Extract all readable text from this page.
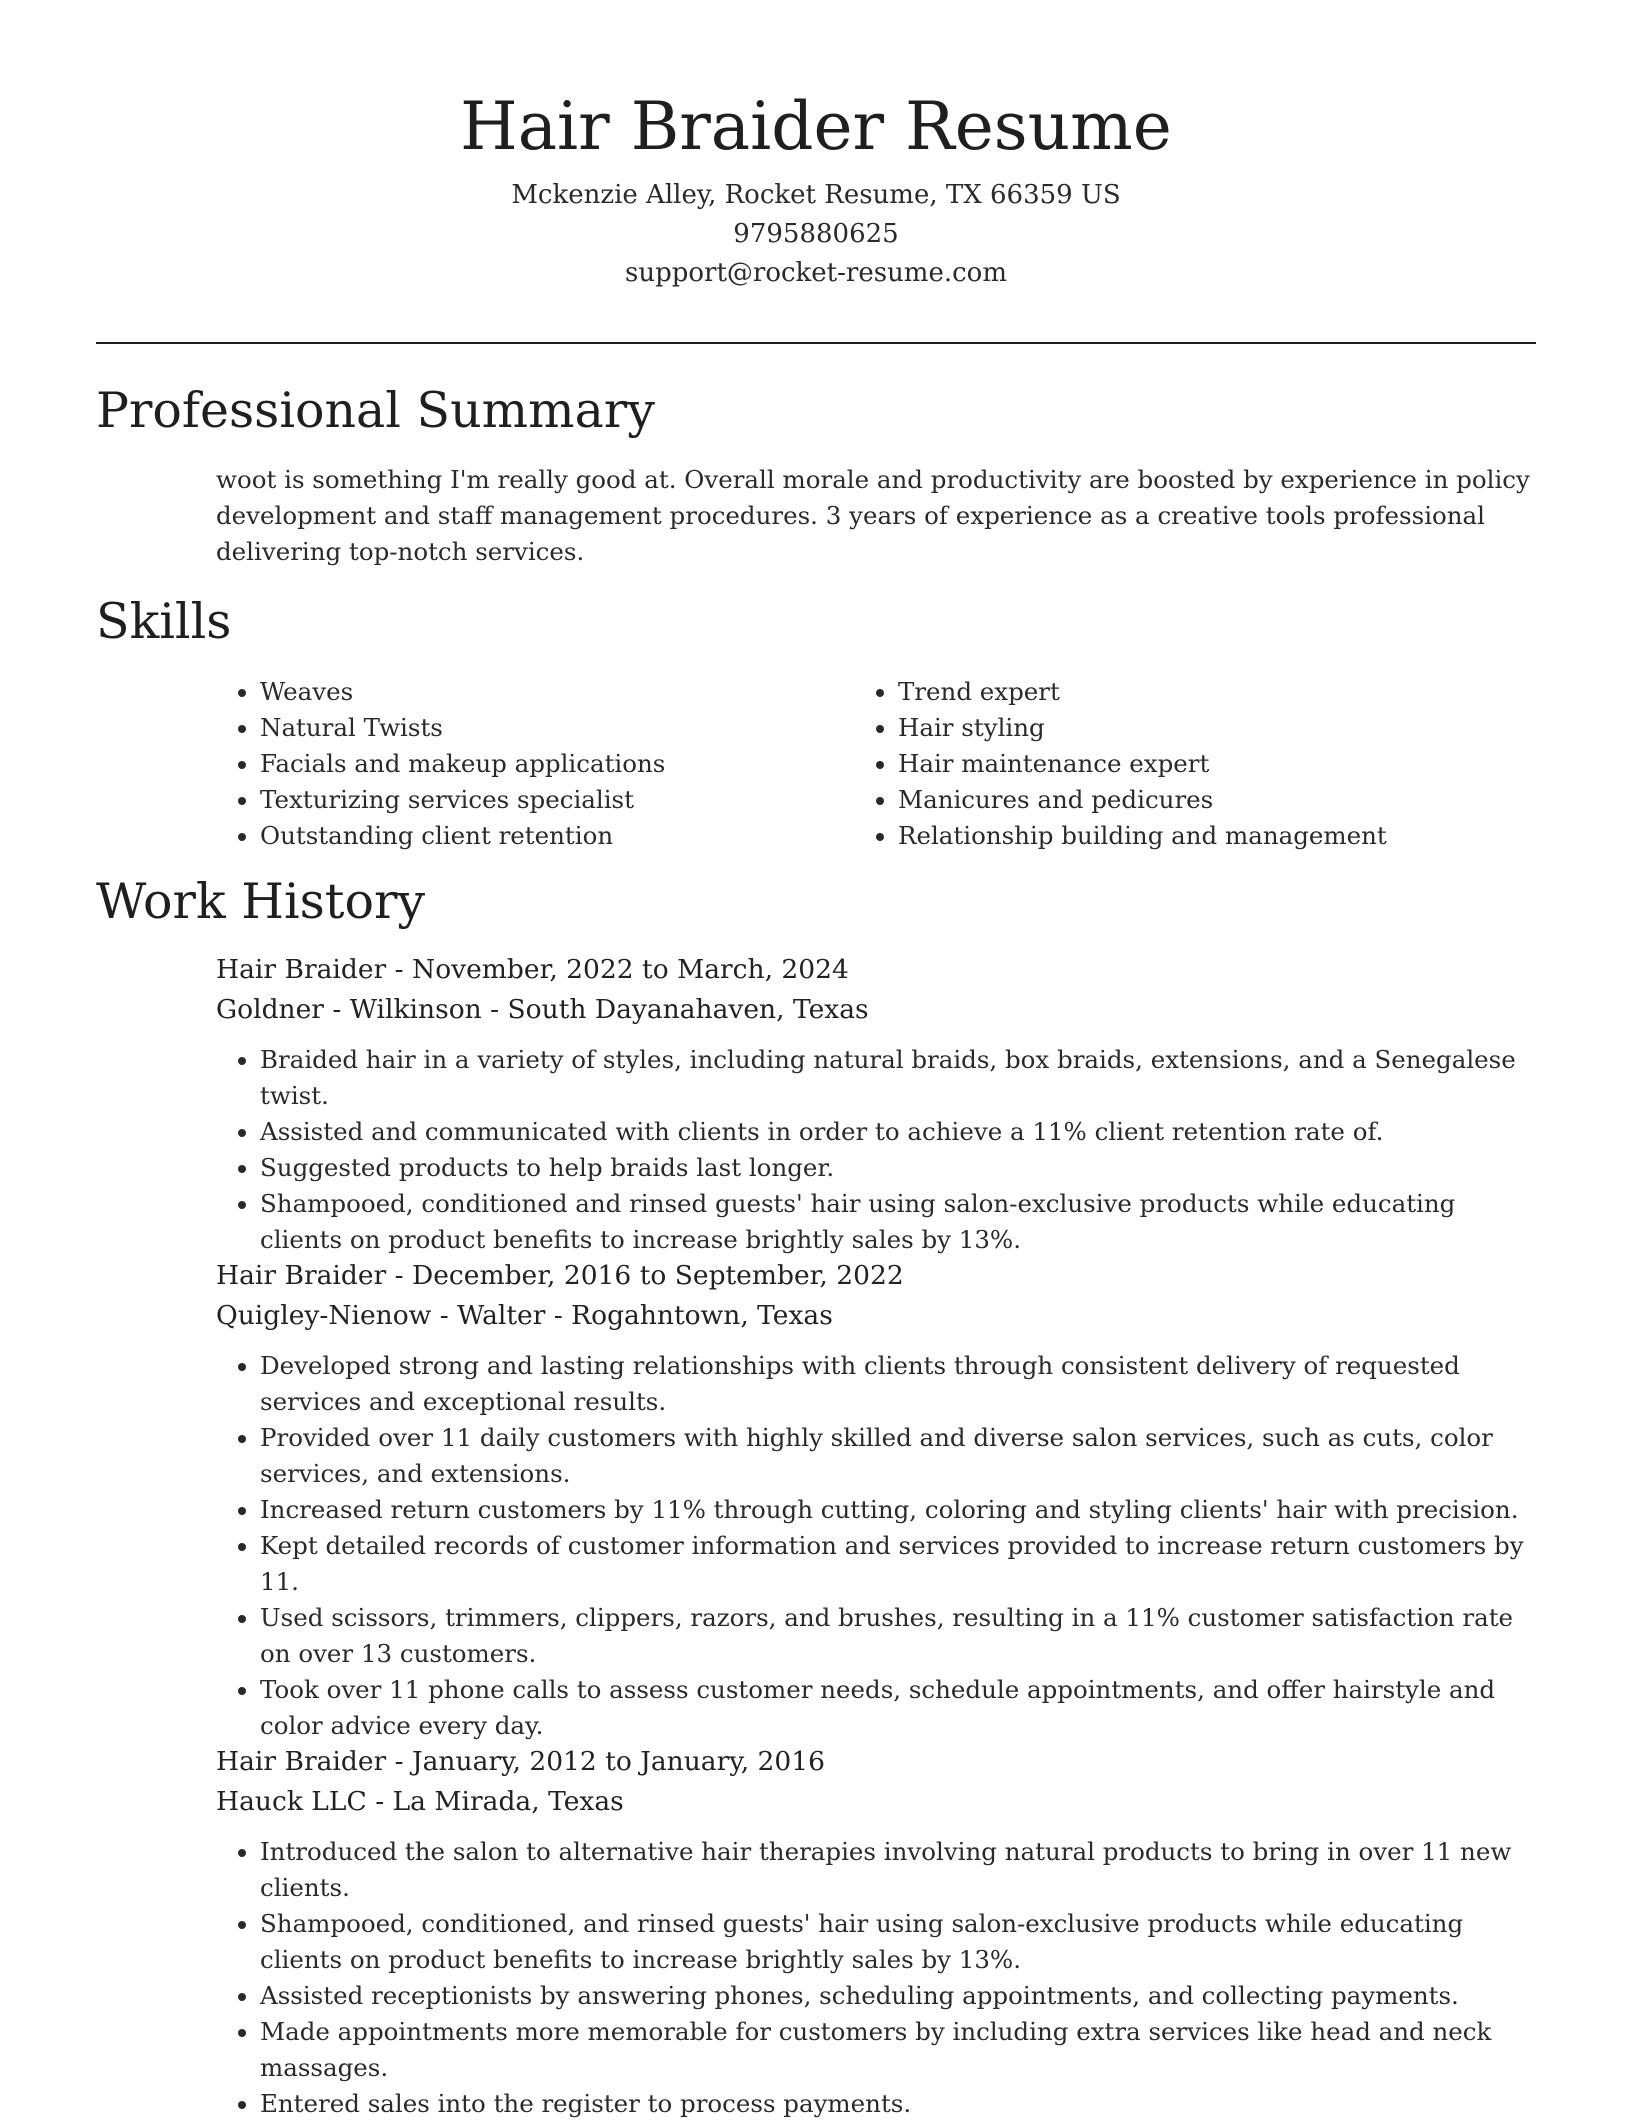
Hair Braider Resume
Mckenzie Alley, Rocket Resume, TX 66359 US
9795880625
support@rocket-resume.com
Professional Summary

woot is something I'm really good at. Overall morale and productivity are boosted by experience in policy development and staff management procedures. 3 years of experience as a creative tools professional delivering top-notch services.

Skills
• Weaves
• Natural Twists
• Facials and makeup applications
• Texturizing services specialist
• Outstanding client retention
• Trend expert
• Hair styling
• Hair maintenance expert
• Manicures and pedicures
• Relationship building and management
Work History

Hair Braider - November, 2022 to March, 2024

Goldner - Wilkinson - South Dayanahaven, Texas

• Braided hair in a variety of styles, including natural braids, box braids, extensions, and a Senegalese twist.
• Assisted and communicated with clients in order to achieve a 11% client retention rate of.
• Suggested products to help braids last longer.
• Shampooed, conditioned and rinsed guests' hair using salon-exclusive products while educating clients on product benefits to increase brightly sales by 13%.

Hair Braider - December, 2016 to September, 2022

Quigley-Nienow - Walter - Rogahntown, Texas

• Developed strong and lasting relationships with clients through consistent delivery of requested services and exceptional results.
• Provided over 11 daily customers with highly skilled and diverse salon services, such as cuts, color services, and extensions.
• Increased return customers by 11% through cutting, coloring and styling clients' hair with precision.
• Kept detailed records of customer information and services provided to increase return customers by 11.
• Used scissors, trimmers, clippers, razors, and brushes, resulting in a 11% customer satisfaction rate on over 13 customers.
• Took over 11 phone calls to assess customer needs, schedule appointments, and offer hairstyle and color advice every day.

Hair Braider - January, 2012 to January, 2016

Hauck LLC - La Mirada, Texas

• Introduced the salon to alternative hair therapies involving natural products to bring in over 11 new clients.
• Shampooed, conditioned, and rinsed guests' hair using salon-exclusive products while educating clients on product benefits to increase brightly sales by 13%.
• Assisted receptionists by answering phones, scheduling appointments, and collecting payments.
• Made appointments more memorable for customers by including extra services like head and neck massages.
• Entered sales into the register to process payments.
